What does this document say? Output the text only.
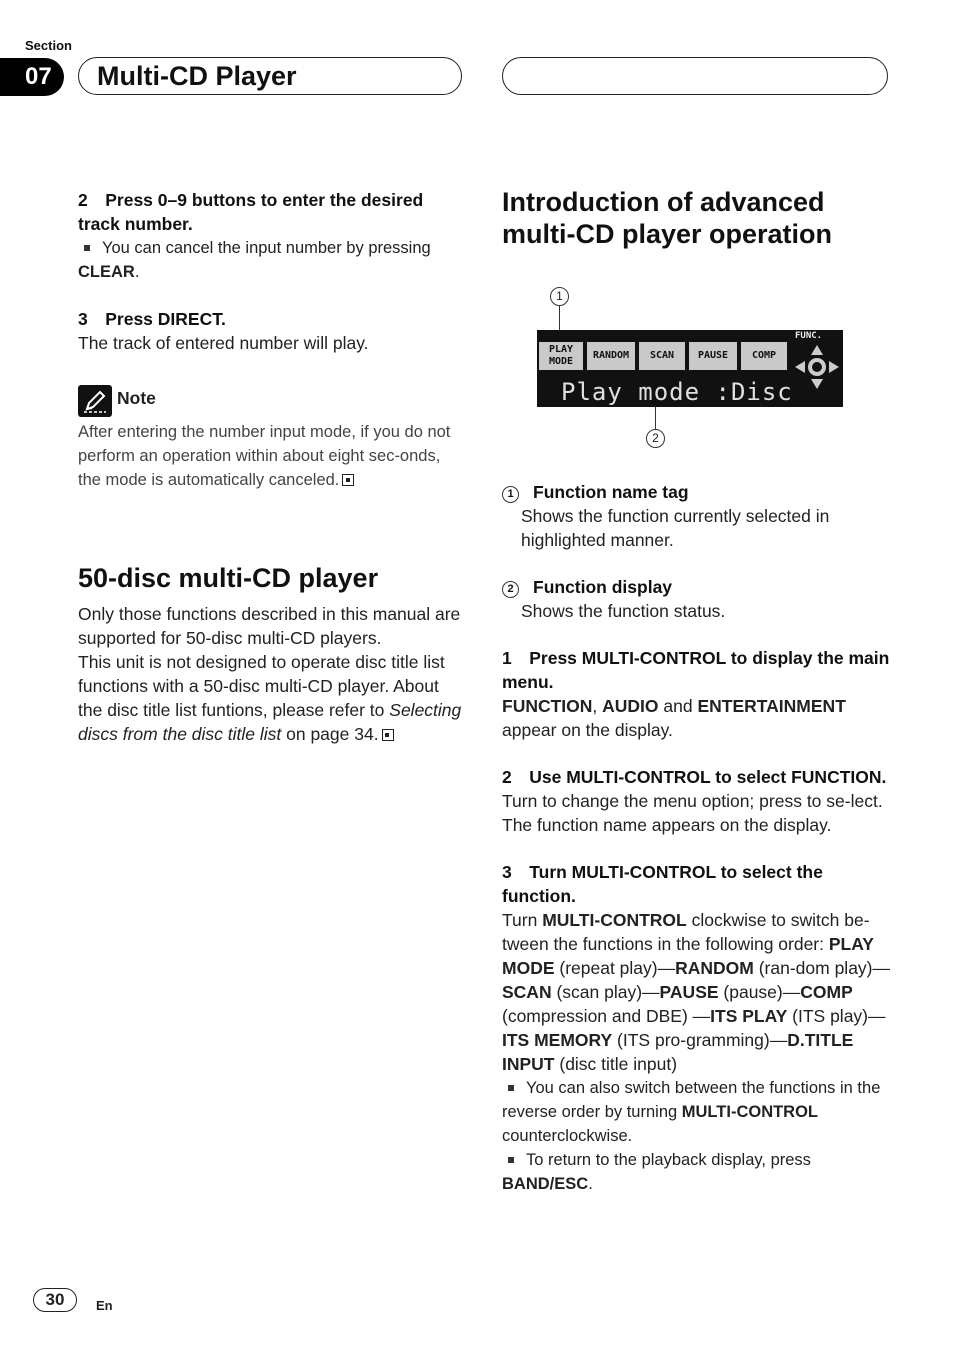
Section
07	Multi-CD Player

2 Press 0–9 buttons to enter the desired track number.

You can cancel the input number by pressing CLEAR.

3 Press DIRECT.

The track of entered number will play.

Note

After entering the number input mode, if you do not perform an operation within about eight sec-onds, the mode is automatically canceled.

50-disc multi-CD player

Only those functions described in this manual are supported for 50-disc multi-CD players.

This unit is not designed to operate disc title list functions with a 50-disc multi-CD player. About the disc title list funtions, please refer to Selecting discs from the disc title list on page 34.

Introduction of advanced multi-CD player operation
1
PLAY MODE
RANDOM	SCAN	PAUSE	COMP
FUNC.
Play mode :Disc
2

1 Function name tag

Shows the function currently selected in highlighted manner.

2 Function display

Shows the function status.

1 Press MULTI-CONTROL to display the main menu.

FUNCTION, AUDIO and ENTERTAINMENT
appear on the display.

2 Use MULTI-CONTROL to select FUNCTION.

Turn to change the menu option; press to se-lect.

The function name appears on the display.

3 Turn MULTI-CONTROL to select the function.

Turn MULTI-CONTROL clockwise to switch be-tween the functions in the following order: PLAY MODE (repeat play)—RANDOM (ran-dom play)—SCAN (scan play)—PAUSE (pause)—COMP (compression and DBE) —ITS PLAY (ITS play)—ITS MEMORY (ITS pro-gramming)—D.TITLE INPUT (disc title input)

You can also switch between the functions in the reverse order by turning MULTI-CONTROL counterclockwise.

To return to the playback display, press BAND/ESC.

30	En
